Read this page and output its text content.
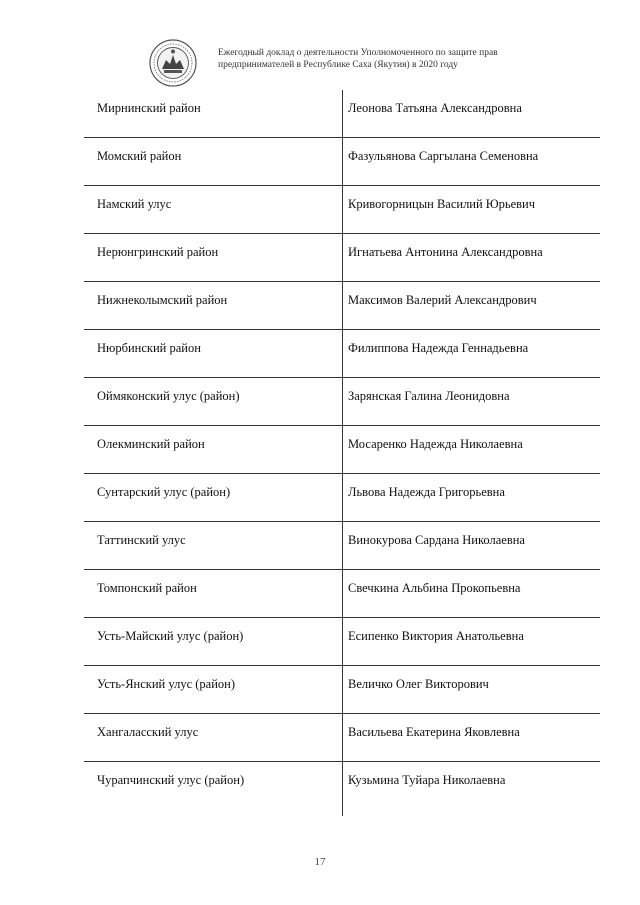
Ежегодный доклад о деятельности Уполномоченного по защите прав
предпринимателей в Республике Саха (Якутия) в 2020 году
Мирнинский район	Леонова Татьяна Александровна
Момский район	Фазульянова Саргылана Семеновна
Намский улус	Кривогорницын Василий Юрьевич
Нерюнгринский район	Игнатьева Антонина Александровна
Нижнеколымский район	Максимов Валерий Александрович
Нюрбинский район	Филиппова Надежда Геннадьевна
Оймяконский улус (район)	Зарянская Галина Леонидовна
Олекминский район	Мосаренко Надежда Николаевна
Сунтарский улус (район)	Львова Надежда Григорьевна
Таттинский улус	Винокурова Сардана Николаевна
Томпонский район	Свечкина Альбина Прокопьевна
Усть-Майский улус (район)	Есипенко Виктория Анатольевна
Усть-Янский улус (район)	Величко Олег Викторович
Хангаласский улус	Васильева Екатерина Яковлевна
Чурапчинский улус (район)	Кузьмина Туйара Николаевна
17
